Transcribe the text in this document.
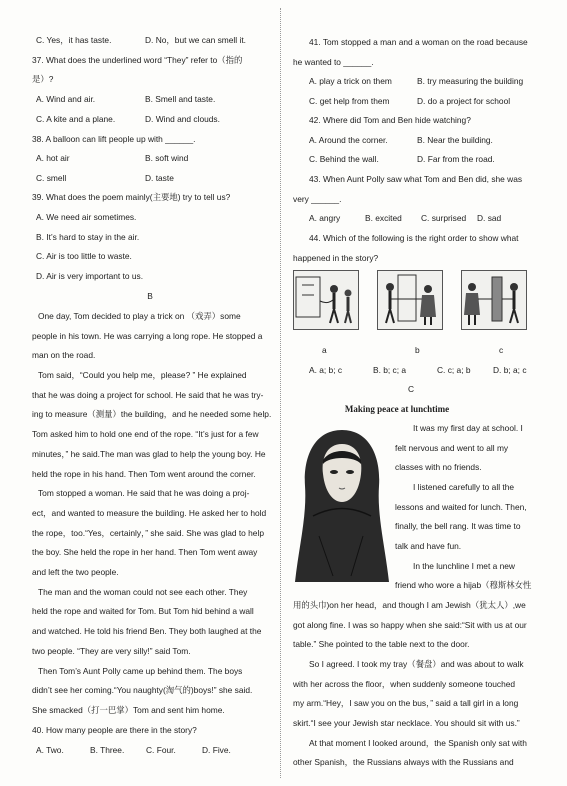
C. Yes，it has taste.	D. No，but we can smell it.
37. What does the underlined word “They” refer to（指的
是）?
A. Wind and air.	B. Smell and taste.
C. A kite and a plane.	D. Wind and clouds.
38. A balloon can lift people up with ______.
A. hot air	B. soft wind
C. smell	D. taste
39. What does the poem mainly(主要地) try to tell us?
A. We need air sometimes.
B. It’s hard to stay in the air.
C. Air is too little to waste.
D. Air is very important to us.
B
One day, Tom decided to play a trick on （戏弄）some
people in his town. He was carrying a long rope. He stopped a
man on the road.
Tom said，“Could you help me，please? ” He explained
that he was doing a project for school. He said that he was try-
ing to measure（测量）the building，and he needed some help.
Tom asked him to hold one end of the rope. “It’s just for a few
minutes，” he said.The man was glad to help the young boy. He
held the rope in his hand. Then Tom went around the corner.
Tom stopped a woman. He said that he was doing a proj-
ect，and wanted to measure the building. He asked her to hold
the rope，too.“Yes，certainly，” she said. She was glad to help
the boy. She held the rope in her hand. Then Tom went away
and left the two people.
The man and the woman could not see each other. They
held the rope and waited for Tom. But Tom hid behind a wall
and watched. He told his friend Ben. They both laughed at the
two people. “They are very silly!” said Tom.
Then Tom’s Aunt Polly came up behind them. The boys
didn’t see her coming.“You naughty(淘气的)boys!” she said.
She smacked（打一巴掌）Tom and sent him home.
40. How many people are there in the story?
A. Two.	B. Three.	C. Four.	D. Five.
41. Tom stopped a man and a woman on the road because
he wanted to ______.
A. play a trick on them	B. try measuring the building
C. get help from them	D. do a project for school
42. Where did Tom and Ben hide watching?
A. Around the corner.	B. Near the building.
C. Behind the wall.	D. Far from the road.
43. When Aunt Polly saw what Tom and Ben did, she was
very ______.
A. angry	B. excited C. surprised D. sad
44. Which of the following is the right order to show what
happened in the story?
a	b	c
A. a; b; c	B. b; c; a	C. c; a; b	D. b; a; c
C
Making peace at lunchtime
It was my first day at school. I
felt nervous and went to all my
classes with no friends.
I listened carefully to all the
lessons and waited for lunch. Then,
finally, the bell rang. It was time to
talk and have fun.
In the lunchline I met a new
friend who wore a hijab（穆斯林女性
用的头巾)on her head，and though I am Jewish（犹太人）,we
got along fine. I was so happy when she said:“Sit with us at our
table.” She pointed to the table next to the door.
So I agreed. I took my tray（餐盘）and was about to walk
with her across the floor，when suddenly someone touched
my arm.“Hey，I saw you on the bus，” said a tall girl in a long
skirt.“I see your Jewish star necklace. You should sit with us.”
At that moment I looked around，the Spanish only sat with
other Spanish，the Russians always with the Russians and
